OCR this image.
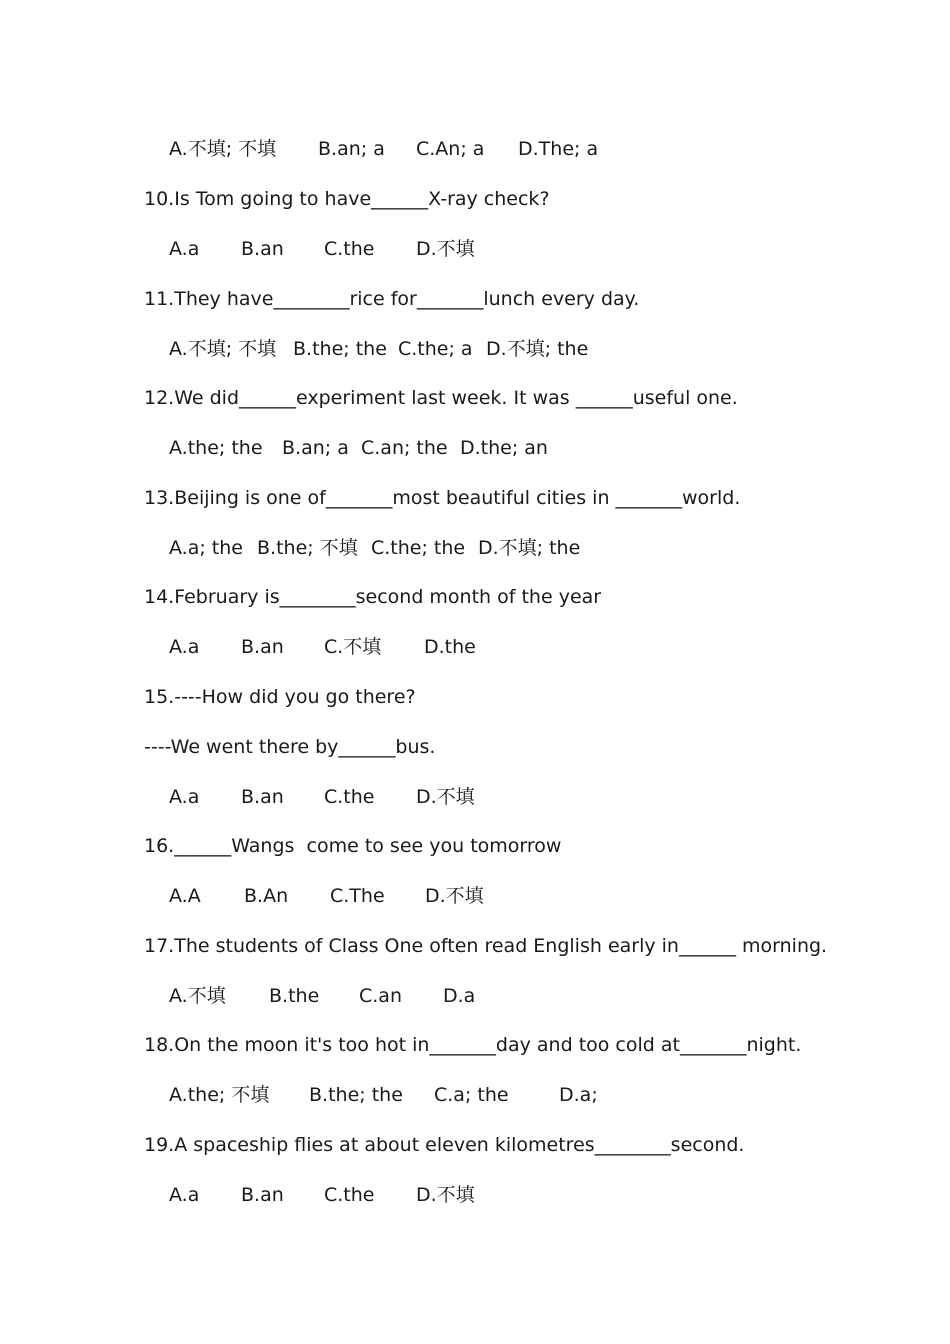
A.不填; 不填 B.an; a C.An; a D.The; a
10.Is Tom going to have______X-ray check?
A.a B.an C.the D.不填
11.They have________rice for_______lunch every day.
A.不填; 不填 B.the; the C.the; a D.不填; the
12.We did______experiment last week. It was ______useful one.
A.the; the B.an; a C.an; the D.the; an
13.Beijing is one of_______most beautiful cities in _______world.
A.a; the B.the; 不填 C.the; the D.不填; the
14.February is________second month of the year
A.a B.an C.不填 D.the
15.----How did you go there?
----We went there by______bus.
A.a B.an C.the D.不填
16.______Wangs  come to see you tomorrow
A.A B.An C.The D.不填
17.The students of Class One often read English early in______ morning.
A.不填 B.the C.an D.a
18.On the moon it's too hot in_______day and too cold at_______night.
A.the; 不填 B.the; the C.a; the	D.a;
19.A spaceship flies at about eleven kilometres________second.
A.a B.an C.the D.不填
